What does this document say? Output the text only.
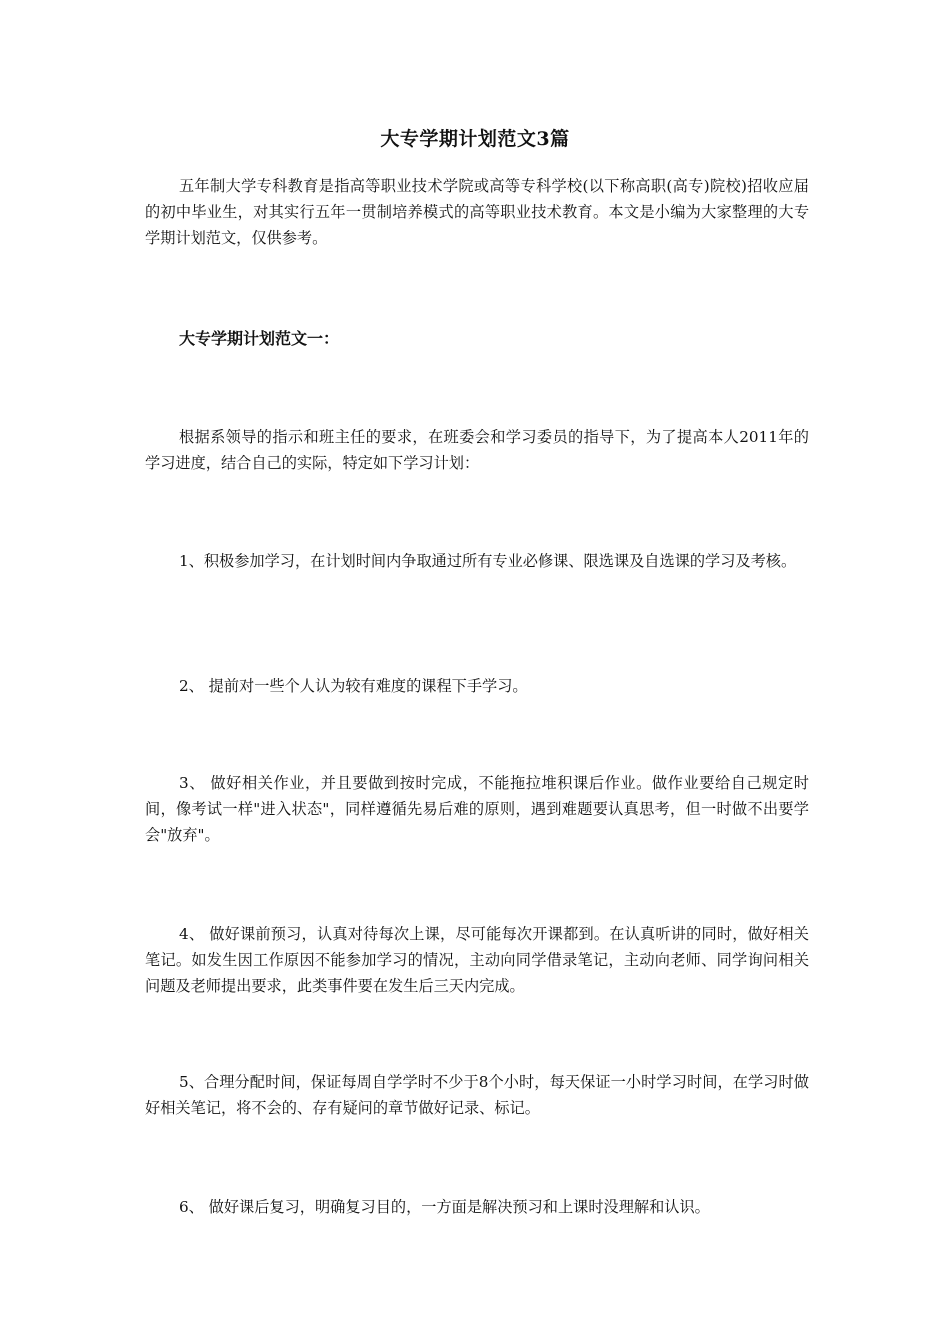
大专学期计划范文3篇
五年制大学专科教育是指高等职业技术学院或高等专科学校(以下称高职(高专)院校)招收应届的初中毕业生，对其实行五年一贯制培养模式的高等职业技术教育。本文是小编为大家整理的大专学期计划范文，仅供参考。
大专学期计划范文一：
根据系领导的指示和班主任的要求，在班委会和学习委员的指导下，为了提高本人2011年的学习进度，结合自己的实际，特定如下学习计划：
1、积极参加学习，在计划时间内争取通过所有专业必修课、限选课及自选课的学习及考核。
2、 提前对一些个人认为较有难度的课程下手学习。
3、 做好相关作业，并且要做到按时完成，不能拖拉堆积课后作业。做作业要给自己规定时间，像考试一样"进入状态"，同样遵循先易后难的原则，遇到难题要认真思考，但一时做不出要学会"放弃"。
4、 做好课前预习，认真对待每次上课，尽可能每次开课都到。在认真听讲的同时，做好相关笔记。如发生因工作原因不能参加学习的情况，主动向同学借录笔记，主动向老师、同学询问相关问题及老师提出要求，此类事件要在发生后三天内完成。
5、合理分配时间，保证每周自学学时不少于8个小时，每天保证一小时学习时间，在学习时做好相关笔记，将不会的、存有疑问的章节做好记录、标记。
6、 做好课后复习，明确复习目的，一方面是解决预习和上课时没理解和认识。
